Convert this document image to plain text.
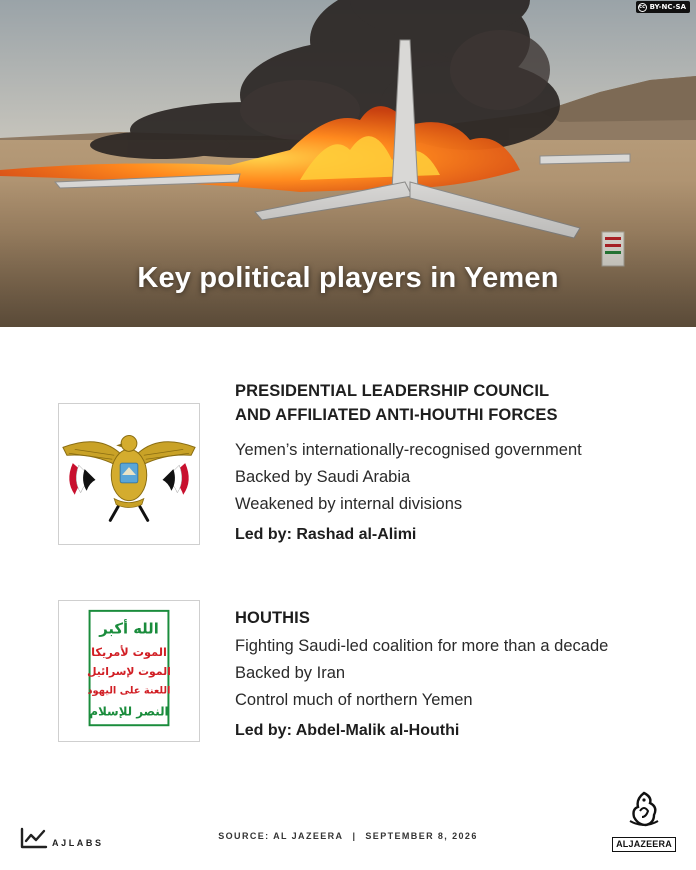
cc BY-NC-SA
Key political players in Yemen
PRESIDENTIAL LEADERSHIP COUNCIL
AND AFFILIATED ANTI-HOUTHI FORCES
Yemen’s internationally-recognised government
Backed by Saudi Arabia
Weakened by internal divisions
Led by: Rashad al-Alimi
الله أكبر
الموت لأمريكا
الموت لإسرائيل
اللعنة على اليهود
النصر للإسلام
HOUTHIS
Fighting Saudi-led coalition for more than a decade
Backed by Iran
Control much of northern Yemen
Led by: Abdel-Malik al-Houthi
AJLABS
SOURCE: AL JAZEERA | SEPTEMBER 8, 2026
ALJAZEERA
